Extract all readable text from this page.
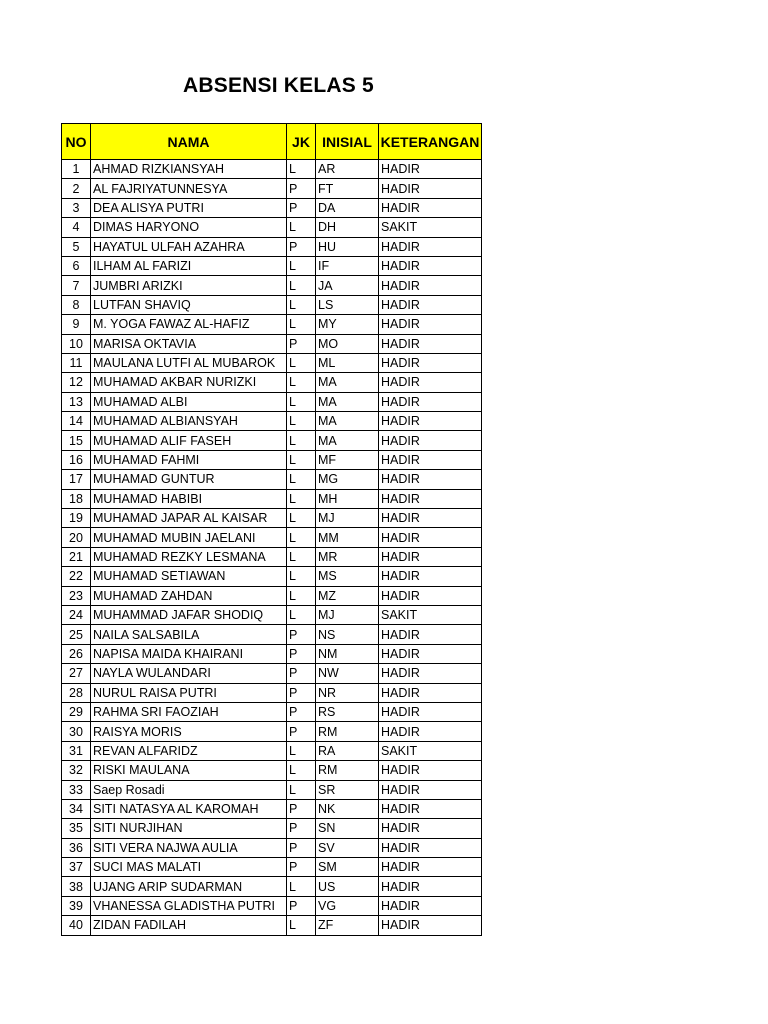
ABSENSI KELAS 5
NO	NAMA	JK	INISIAL	KETERANGAN
1	AHMAD RIZKIANSYAH	L	AR	HADIR
2	AL FAJRIYATUNNESYA	P	FT	HADIR
3	DEA ALISYA PUTRI	P	DA	HADIR
4	DIMAS HARYONO	L	DH	SAKIT
5	HAYATUL ULFAH AZAHRA	P	HU	HADIR
6	ILHAM AL FARIZI	L	IF	HADIR
7	JUMBRI ARIZKI	L	JA	HADIR
8	LUTFAN SHAVIQ	L	LS	HADIR
9	M. YOGA FAWAZ AL-HAFIZ	L	MY	HADIR
10	MARISA OKTAVIA	P	MO	HADIR
11	MAULANA LUTFI AL MUBAROK	L	ML	HADIR
12	MUHAMAD AKBAR NURIZKI	L	MA	HADIR
13	MUHAMAD ALBI	L	MA	HADIR
14	MUHAMAD ALBIANSYAH	L	MA	HADIR
15	MUHAMAD ALIF FASEH	L	MA	HADIR
16	MUHAMAD FAHMI	L	MF	HADIR
17	MUHAMAD GUNTUR	L	MG	HADIR
18	MUHAMAD HABIBI	L	MH	HADIR
19	MUHAMAD JAPAR AL KAISAR	L	MJ	HADIR
20	MUHAMAD MUBIN JAELANI	L	MM	HADIR
21	MUHAMAD REZKY LESMANA	L	MR	HADIR
22	MUHAMAD SETIAWAN	L	MS	HADIR
23	MUHAMAD ZAHDAN	L	MZ	HADIR
24	MUHAMMAD JAFAR SHODIQ	L	MJ	SAKIT
25	NAILA SALSABILA	P	NS	HADIR
26	NAPISA MAIDA KHAIRANI	P	NM	HADIR
27	NAYLA WULANDARI	P	NW	HADIR
28	NURUL RAISA PUTRI	P	NR	HADIR
29	RAHMA SRI FAOZIAH	P	RS	HADIR
30	RAISYA MORIS	P	RM	HADIR
31	REVAN ALFARIDZ	L	RA	SAKIT
32	RISKI MAULANA	L	RM	HADIR
33	Saep Rosadi	L	SR	HADIR
34	SITI NATASYA AL KAROMAH	P	NK	HADIR
35	SITI NURJIHAN	P	SN	HADIR
36	SITI VERA NAJWA AULIA	P	SV	HADIR
37	SUCI MAS MALATI	P	SM	HADIR
38	UJANG ARIP SUDARMAN	L	US	HADIR
39	VHANESSA GLADISTHA PUTRI	P	VG	HADIR
40	ZIDAN FADILAH	L	ZF	HADIR
